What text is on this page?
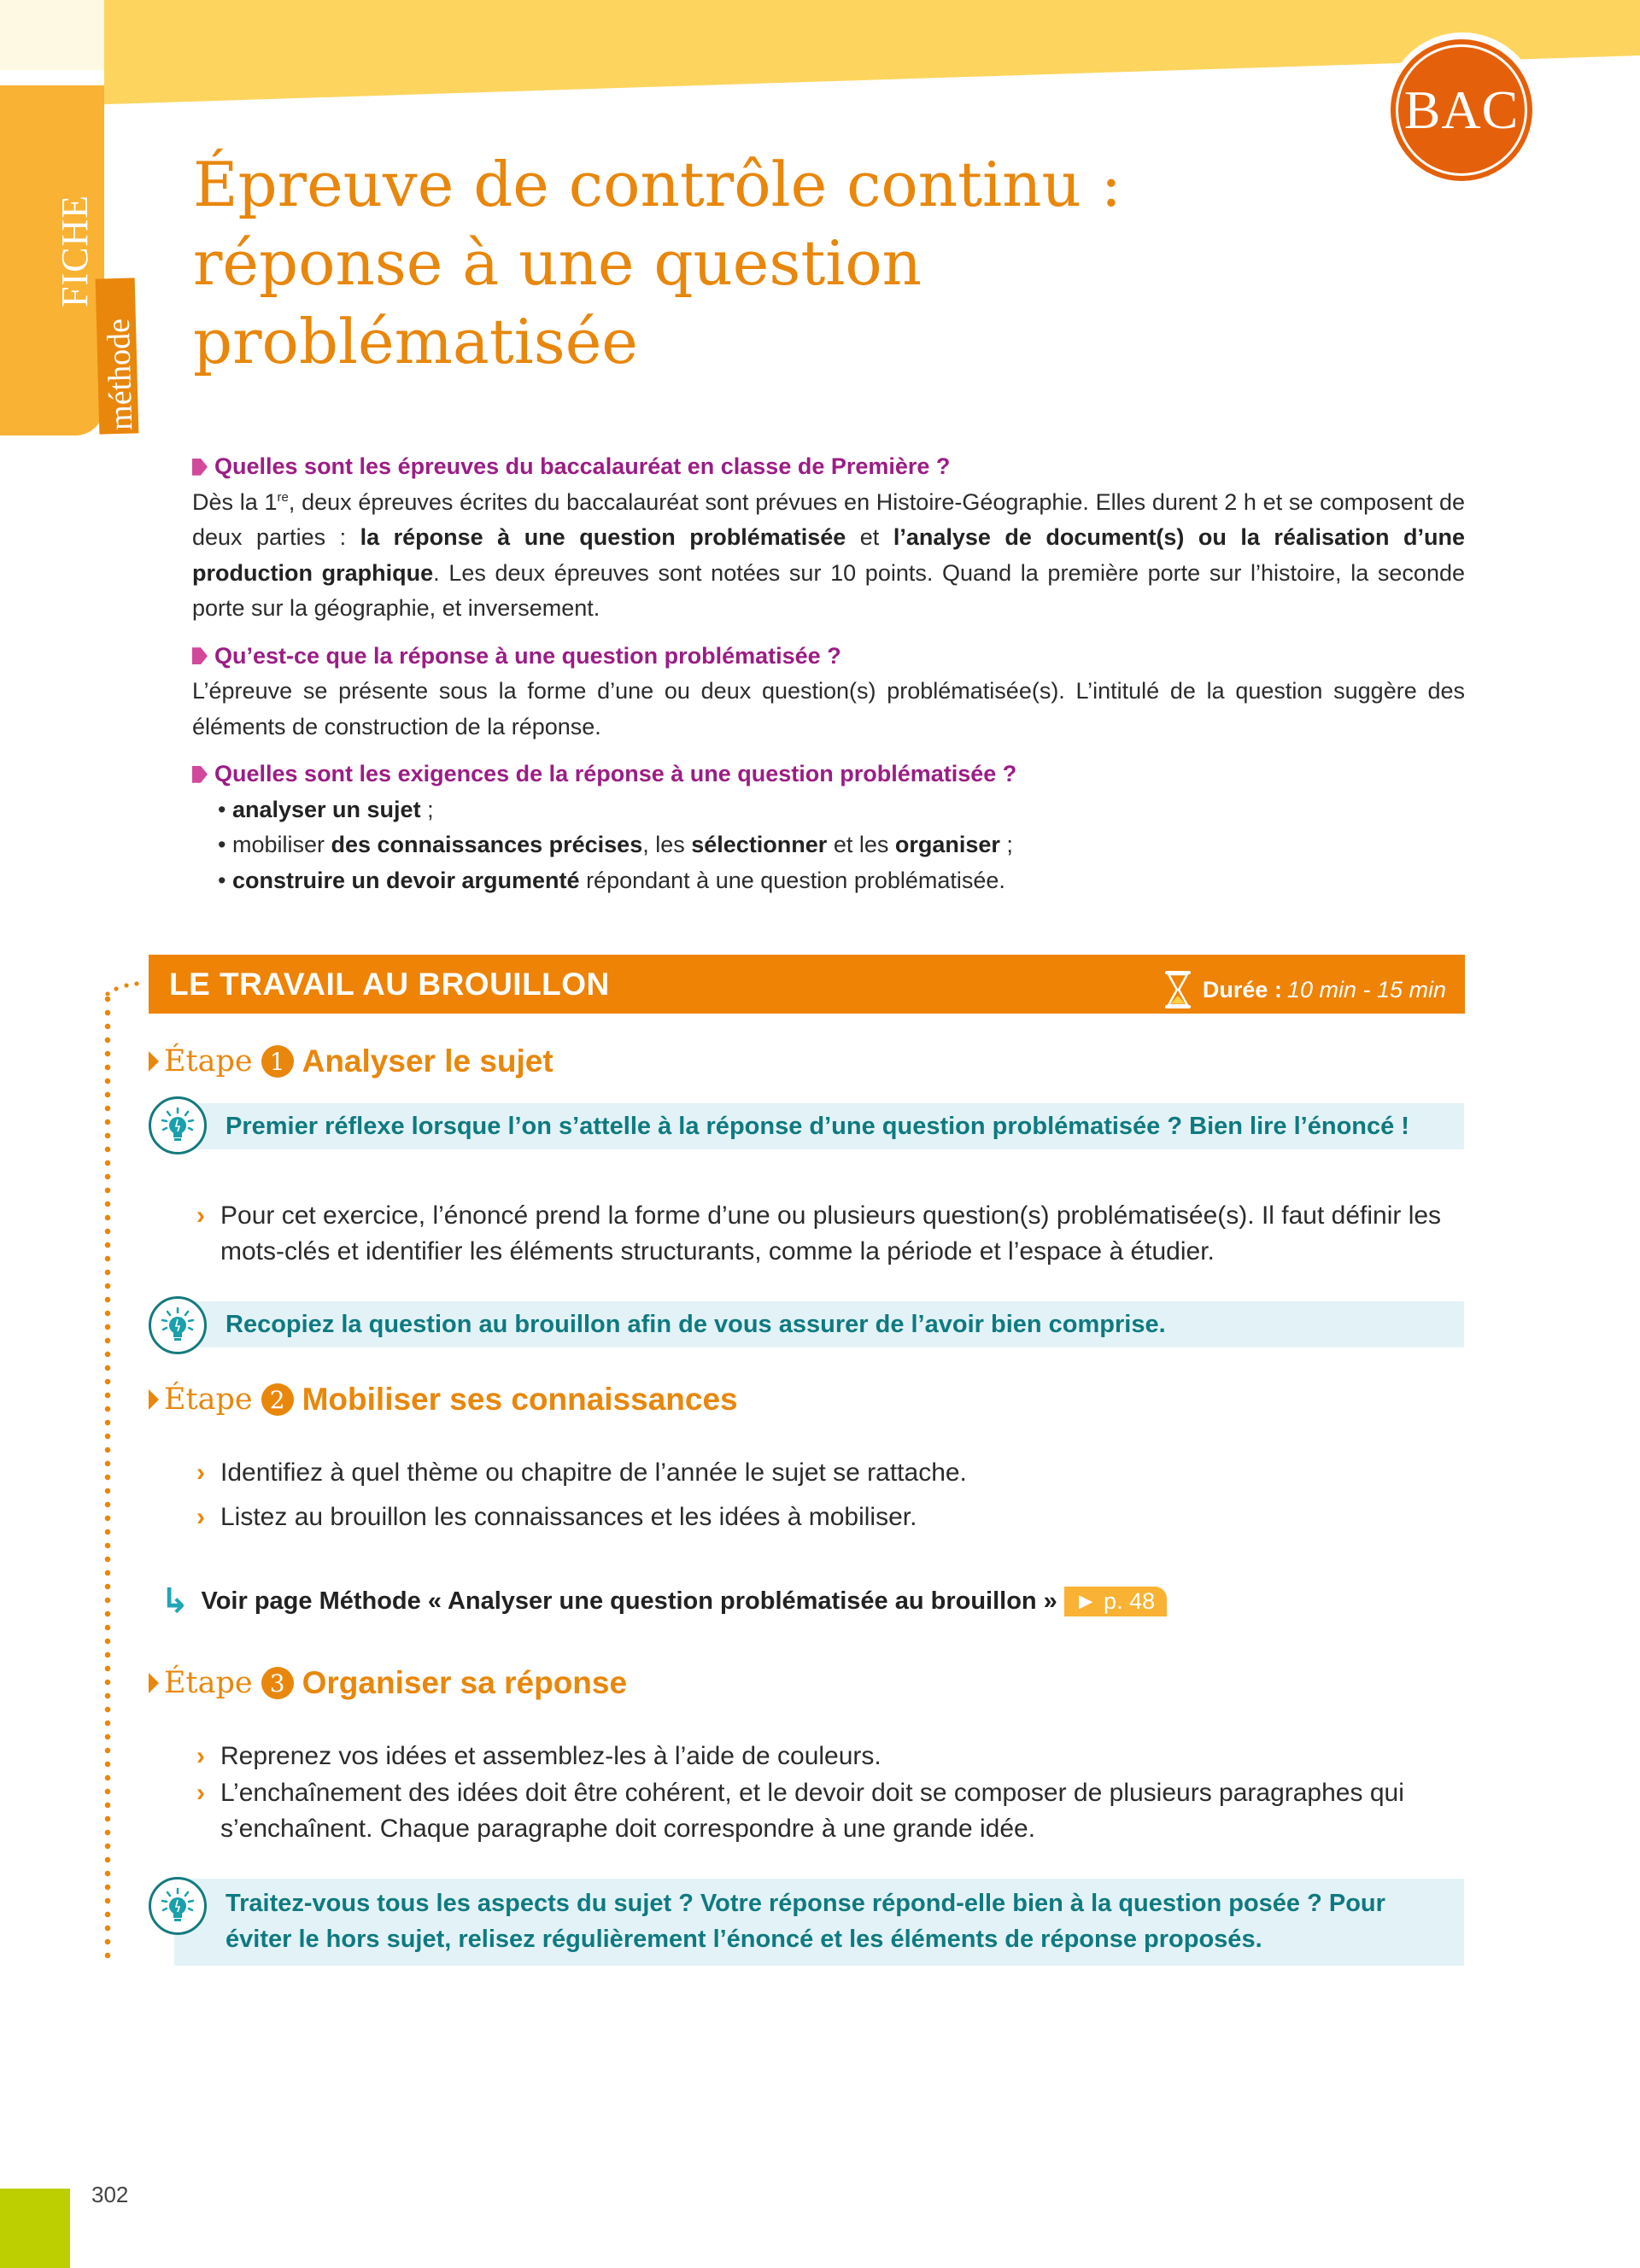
FICHE
méthode
BAC
Épreuve de contrôle continu :
réponse à une question
problématisée
Quelles sont les épreuves du baccalauréat en classe de Première ?
Dès la 1re, deux épreuves écrites du baccalauréat sont prévues en Histoire-Géographie. Elles durent 2 h et se composent de deux parties : la réponse à une question problématisée et l’analyse de document(s) ou la réalisation d’une production graphique. Les deux épreuves sont notées sur 10 points. Quand la première porte sur l’histoire, la seconde porte sur la géographie, et inversement.
Qu’est-ce que la réponse à une question problématisée ?
L’épreuve se présente sous la forme d’une ou deux question(s) problématisée(s). L’intitulé de la question suggère des éléments de construction de la réponse.
Quelles sont les exigences de la réponse à une question problématisée ?
• analyser un sujet ;
• mobiliser des connaissances précises, les sélectionner et les organiser ;
• construire un devoir argumenté répondant à une question problématisée.
LE TRAVAIL AU BROUILLON	Durée : 10 min - 15 min
Étape 1 Analyser le sujet
Premier réflexe lorsque l’on s’attelle à la réponse d’une question problématisée ? Bien lire l’énoncé !
› Pour cet exercice, l’énoncé prend la forme d’une ou plusieurs question(s) problématisée(s). Il faut définir les mots-clés et identifier les éléments structurants, comme la période et l’espace à étudier.
Recopiez la question au brouillon afin de vous assurer de l’avoir bien comprise.
Étape 2 Mobiliser ses connaissances
› Identifiez à quel thème ou chapitre de l’année le sujet se rattache.
› Listez au brouillon les connaissances et les idées à mobiliser.
↳ Voir page Méthode « Analyser une question problématisée au brouillon » ► p. 48
Étape 3 Organiser sa réponse
› Reprenez vos idées et assemblez-les à l’aide de couleurs.
› L’enchaînement des idées doit être cohérent, et le devoir doit se composer de plusieurs paragraphes qui s’enchaînent. Chaque paragraphe doit correspondre à une grande idée.
Traitez-vous tous les aspects du sujet ? Votre réponse répond-elle bien à la question posée ? Pour éviter le hors sujet, relisez régulièrement l’énoncé et les éléments de réponse proposés.
302
